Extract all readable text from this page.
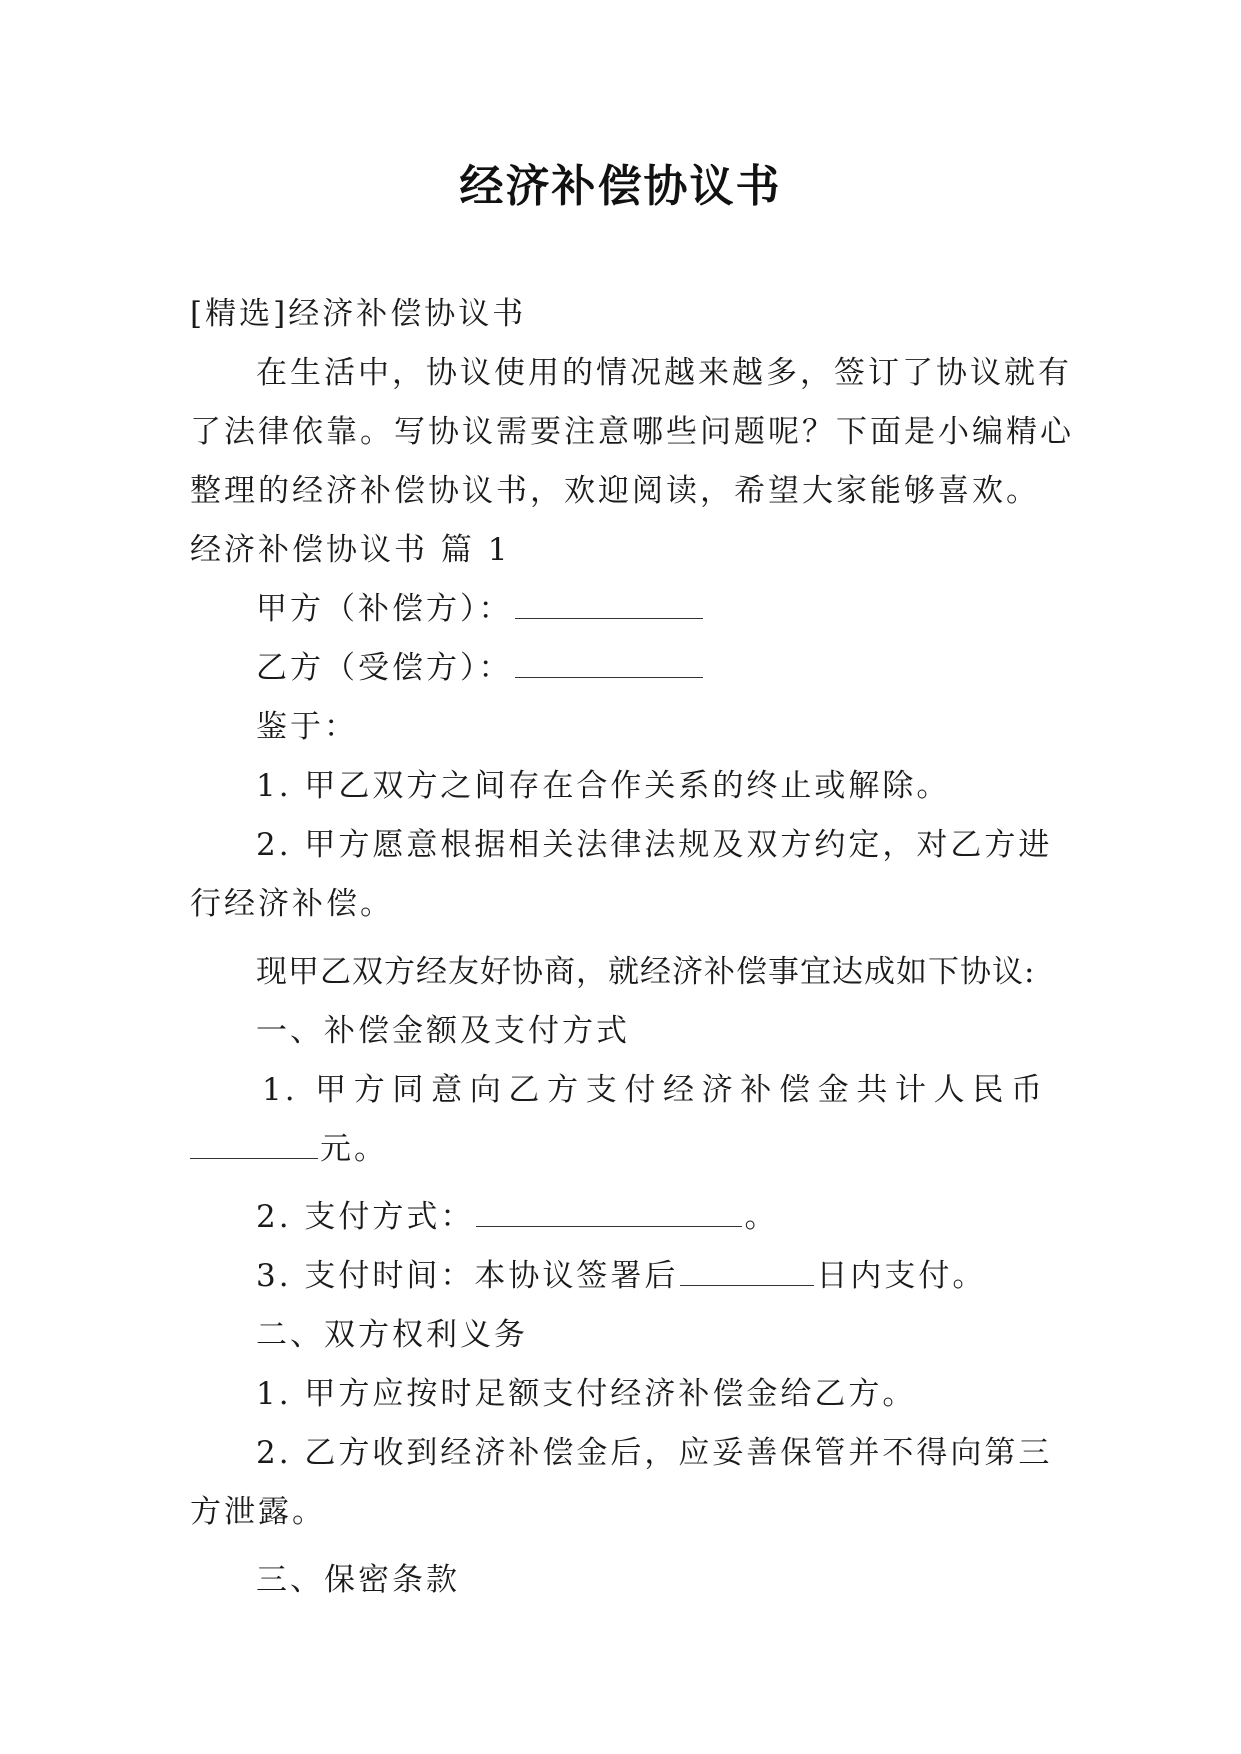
经济补偿协议书

[精选]经济补偿协议书

在生活中，协议使用的情况越来越多，签订了协议就有

了法律依靠。写协议需要注意哪些问题呢？下面是小编精心

整理的经济补偿协议书，欢迎阅读，希望大家能够喜欢。

经济补偿协议书 篇 1

甲方（补偿方）：

乙方（受偿方）：

鉴于：

1. 甲乙双方之间存在合作关系的终止或解除。

2. 甲方愿意根据相关法律法规及双方约定，对乙方进

行经济补偿。

现甲乙双方经友好协商，就经济补偿事宜达成如下协议:

一、补偿金额及支付方式

1. 甲方同意向乙方支付经济补偿金共计人民币

元。

2. 支付方式：	。

3. 支付时间：本协议签署后	日内支付。

二、双方权利义务

1. 甲方应按时足额支付经济补偿金给乙方。

2. 乙方收到经济补偿金后，应妥善保管并不得向第三

方泄露。

三、保密条款
